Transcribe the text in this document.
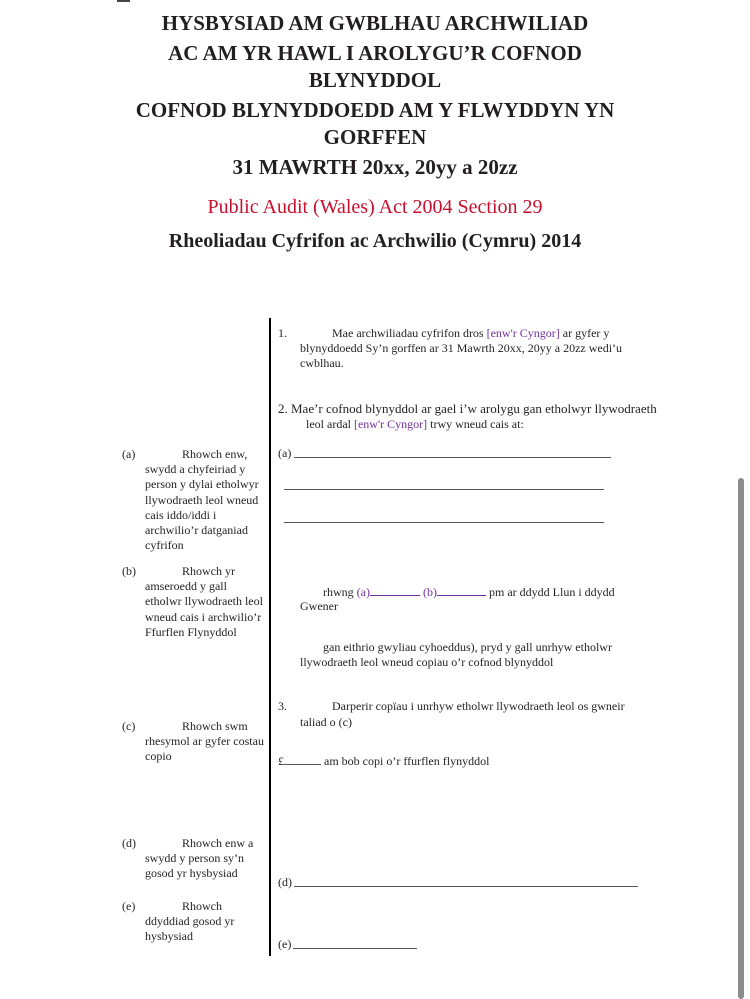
HYSBYSIAD AM GWBLHAU ARCHWILIAD
AC AM YR HAWL I AROLYGU’R COFNOD
BLYNYDDOL
COFNOD BLYNYDDOEDD AM Y FLWYDDYN YN
GORFFEN
31 MAWRTH 20xx, 20yy a 20zz
Public Audit (Wales) Act 2004 Section 29
Rheoliadau Cyfrifon ac Archwilio (Cymru) 2014
(a)	Rhowch enw, swydd a chyfeiriad y person y dylai etholwyr llywodraeth leol wneud cais iddo/iddi i archwilio’r datganiad cyfrifon
(b)	Rhowch yr amseroedd y gall etholwr llywodraeth leol wneud cais i archwilio’r Ffurflen Flynyddol
(c)	Rhowch swm rhesymol ar gyfer costau copio
(d)	Rhowch enw a swydd y person sy’n gosod yr hysbysiad
(e)	Rhowch ddyddiad gosod yr hysbysiad
1.	Mae archwiliadau cyfrifon dros [enw'r Cyngor] ar gyfer y
blynyddoedd Sy’n gorffen ar 31 Mawrth 20xx, 20yy a 20zz wedi’u
cwblhau.
2. Mae’r cofnod blynyddol ar gael i’w arolygu gan etholwyr llywodraeth
leol ardal [enw'r Cyngor] trwy wneud cais at:
(a)
rhwng (a)	(b)	pm ar ddydd Llun i ddydd
Gwener
gan eithrio gwyliau cyhoeddus), pryd y gall unrhyw etholwr
llywodraeth leol wneud copiau o’r cofnod blynyddol
3.	Darperir copïau i unrhyw etholwr llywodraeth leol os gwneir
taliad o (c)
£	am bob copi o’r ffurflen flynyddol
(d)
(e)
